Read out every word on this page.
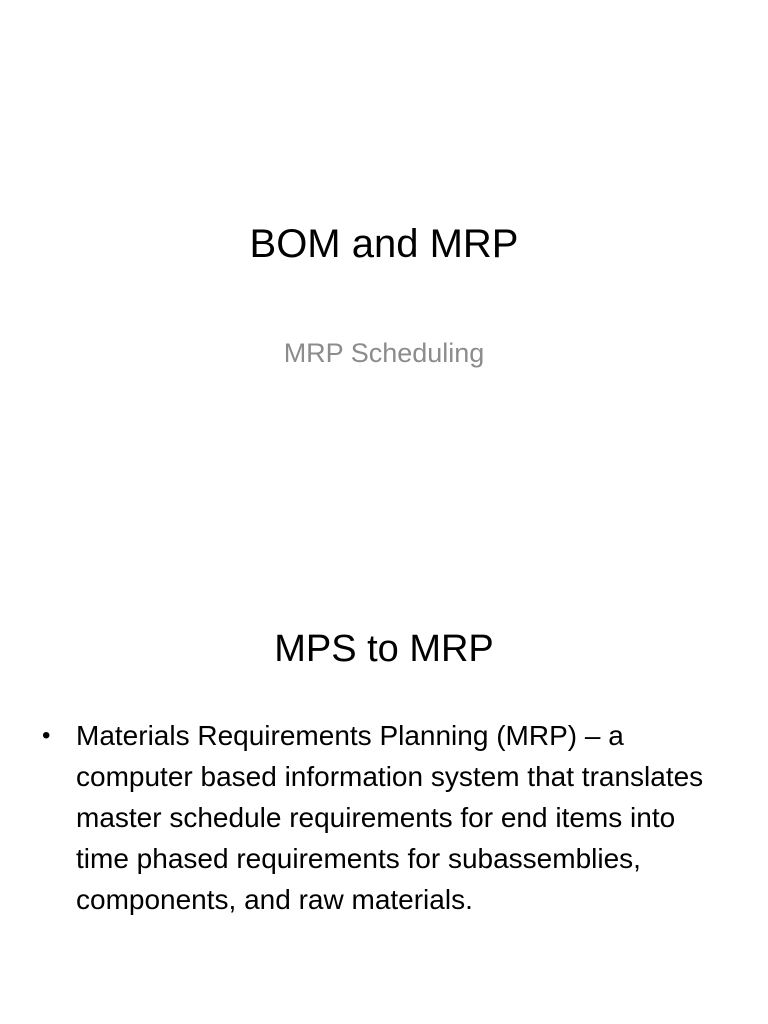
BOM and MRP

MRP Scheduling

MPS to MRP
• Materials Requirements Planning (MRP) – a computer based information system that translates master schedule requirements for end items into time phased requirements for subassemblies, components, and raw materials.
